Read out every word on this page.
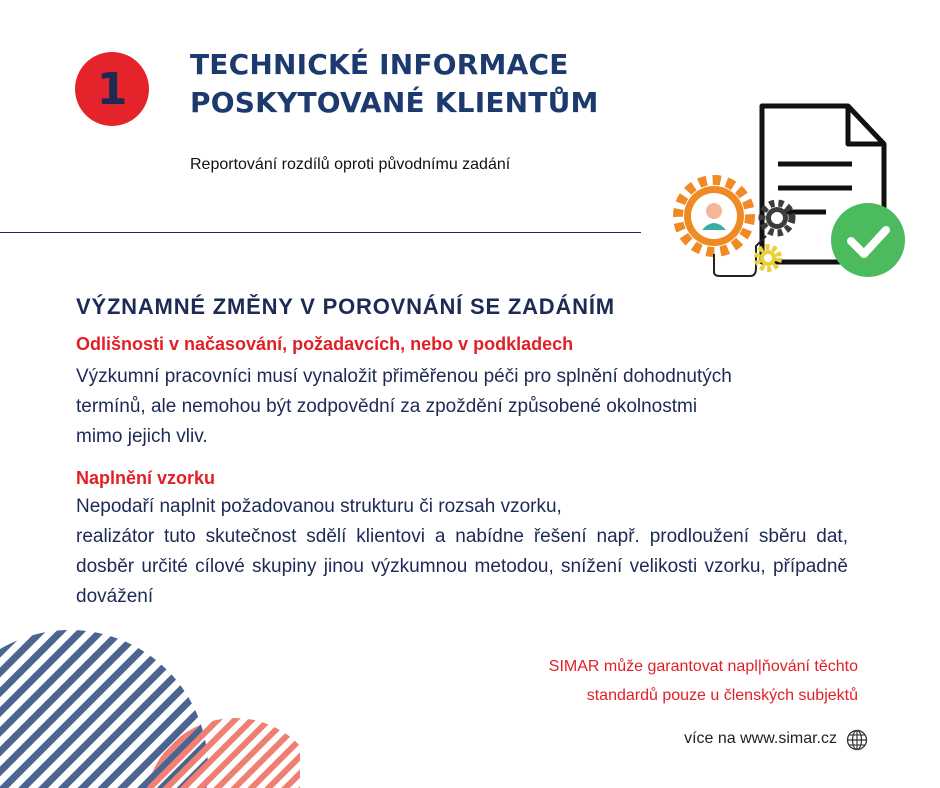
1 TECHNICKÉ INFORMACE
POSKYTOVANÉ KLIENTŮM
Reportování rozdílů oproti původnímu zadání
VÝZNAMNÉ ZMĚNY V POROVNÁNÍ SE ZADÁNÍM
Odlišnosti v načasování, požadavcích, nebo v podkladech
Výzkumní pracovníci musí vynaložit přiměřenou péči pro splnění dohodnutých
termínů, ale nemohou být zodpovědní za zpoždění způsobené okolnostmi
mimo jejich vliv.
Naplnění vzorku
Nepodaří naplnit požadovanou strukturu či rozsah vzorku,
realizátor tuto skutečnost sdělí klientovi a nabídne řešení např. prodloužení sběru dat, dosběr určité cílové skupiny jinou výzkumnou metodou, snížení velikosti vzorku, případně dovážení
SIMAR může garantovat napl|ňování těchto
standardů pouze u členských subjektů
více na www.simar.cz
